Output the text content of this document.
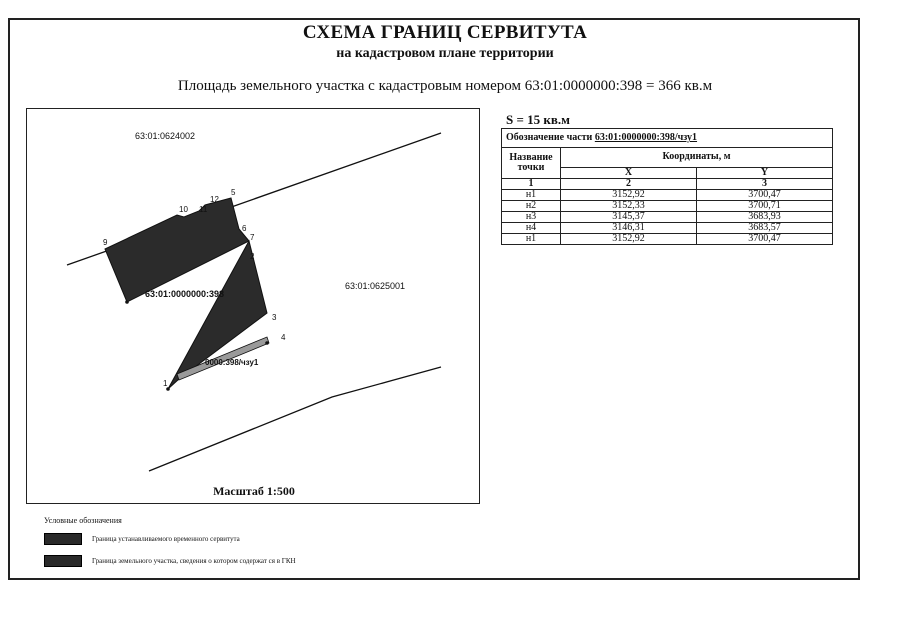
СХЕМА ГРАНИЦ СЕРВИТУТА
на кадастровом плане территории
Площадь земельного участка с кадастровым номером 63:01:0000000:398 = 366 кв.м
63:01:0624002
63:01:0625001
63:01:0000000:398
0000:398/чзу1
1
2
3
4
5
6
7
9
10 11
12
Масштаб 1:500
S = 15 кв.м
Обозначение части 63:01:0000000:398/чзу1		
Название точки	Координаты, м	
	X	Y
1	2	3
н1	3152,92	3700,47
н2	3152,33	3700,71
н3	3145,37	3683,93
н4	3146,31	3683,57
н1	3152,92	3700,47
Условные обозначения
Граница устанавливаемого временного сервитута
Граница земельного участка, сведения о котором содержат ся в ГКН
